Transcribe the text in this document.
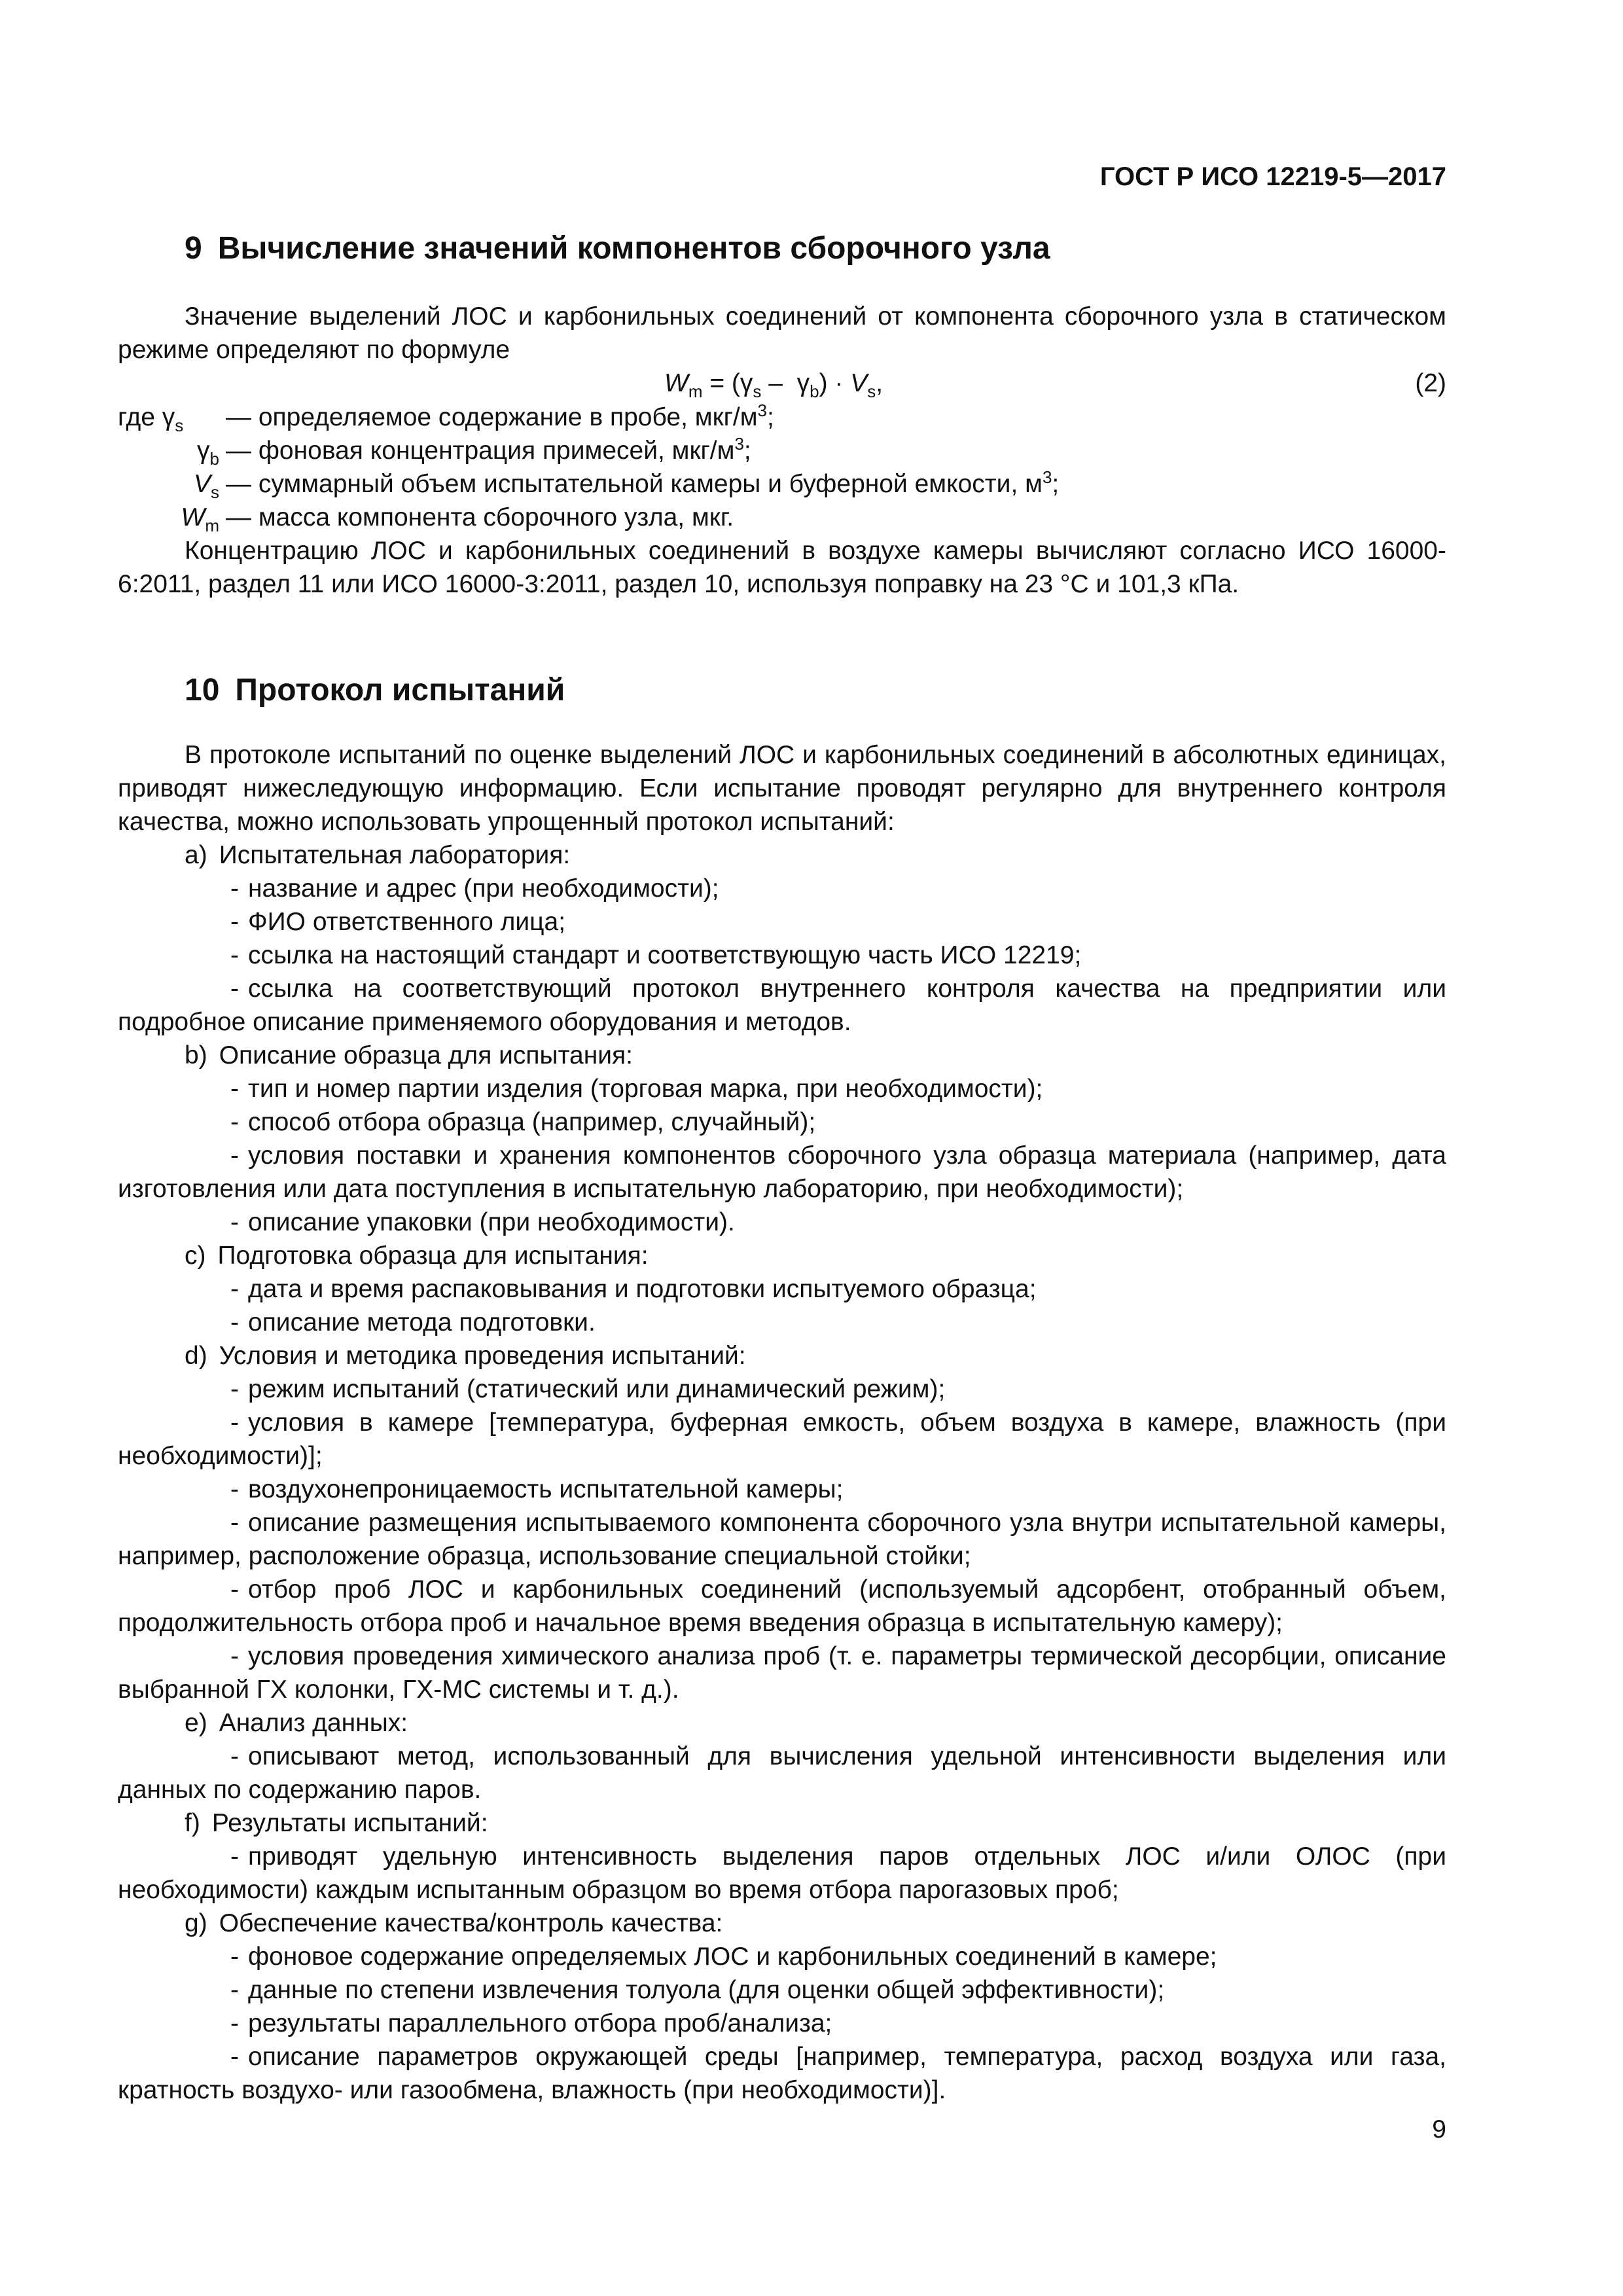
ГОСТ Р ИСО 12219-5—2017
9 Вычисление значений компонентов сборочного узла

Значение выделений ЛОС и карбонильных соединений от компонента сборочного узла в статическом режиме определяют по формуле

$W_m = (\gamma_s - \gamma_b) \cdot V_s$,	(2)
где $\gamma_s$	— определяемое содержание в пробе, мкг/$м^3$;
$\gamma_b$ — фоновая концентрация примесей, мкг/$м^3$;
$V_s$ — суммарный объем испытательной камеры и буферной емкости, $м^3$;
$W_m$ — масса компонента сборочного узла, мкг.

Концентрацию ЛОС и карбонильных соединений в воздухе камеры вычисляют согласно ИСО 16000-6:2011, раздел 11 или ИСО 16000-3:2011, раздел 10, используя поправку на 23 °С и 101,3 кПа.

10 Протокол испытаний

В протоколе испытаний по оценке выделений ЛОС и карбонильных соединений в абсолютных единицах, приводят нижеследующую информацию. Если испытание проводят регулярно для внутреннего контроля качества, можно использовать упрощенный протокол испытаний:

a) Испытательная лаборатория:

- название и адрес (при необходимости);

- ФИО ответственного лица;

- ссылка на настоящий стандарт и соответствующую часть ИСО 12219;

- ссылка на соответствующий протокол внутреннего контроля качества на предприятии или подробное описание применяемого оборудования и методов.

b) Описание образца для испытания:

- тип и номер партии изделия (торговая марка, при необходимости);

- способ отбора образца (например, случайный);

- условия поставки и хранения компонентов сборочного узла образца материала (например, дата изготовления или дата поступления в испытательную лабораторию, при необходимости);

- описание упаковки (при необходимости).

c) Подготовка образца для испытания:

- дата и время распаковывания и подготовки испытуемого образца;

- описание метода подготовки.

d) Условия и методика проведения испытаний:

- режим испытаний (статический или динамический режим);

- условия в камере [температура, буферная емкость, объем воздуха в камере, влажность (при необходимости)];

- воздухонепроницаемость испытательной камеры;

- описание размещения испытываемого компонента сборочного узла внутри испытательной камеры, например, расположение образца, использование специальной стойки;

- отбор проб ЛОС и карбонильных соединений (используемый адсорбент, отобранный объем, продолжительность отбора проб и начальное время введения образца в испытательную камеру);

- условия проведения химического анализа проб (т. е. параметры термической десорбции, описание выбранной ГХ колонки, ГХ-МС системы и т. д.).

e) Анализ данных:

- описывают метод, использованный для вычисления удельной интенсивности выделения или данных по содержанию паров.

f) Результаты испытаний:

- приводят удельную интенсивность выделения паров отдельных ЛОС и/или ОЛОС (при необходимости) каждым испытанным образцом во время отбора парогазовых проб;

g) Обеспечение качества/контроль качества:

- фоновое содержание определяемых ЛОС и карбонильных соединений в камере;

- данные по степени извлечения толуола (для оценки общей эффективности);

- результаты параллельного отбора проб/анализа;

- описание параметров окружающей среды [например, температура, расход воздуха или газа, кратность воздухо- или газообмена, влажность (при необходимости)].

9
